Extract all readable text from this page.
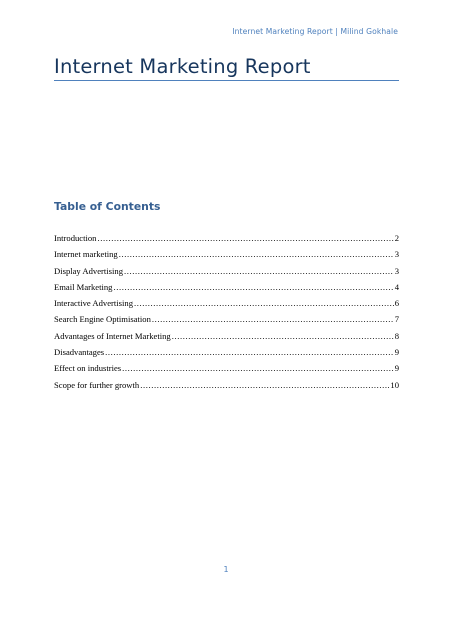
Internet Marketing Report | Milind Gokhale
Internet Marketing Report
Table of Contents
Introduction .....	2
Internet marketing .....	3
Display Advertising .....	3
Email Marketing .....	4
Interactive Advertising .....	6
Search Engine Optimisation .....	7
Advantages of Internet Marketing .....	8
Disadvantages .....	9
Effect on industries .....	9
Scope for further growth .....	10
1
